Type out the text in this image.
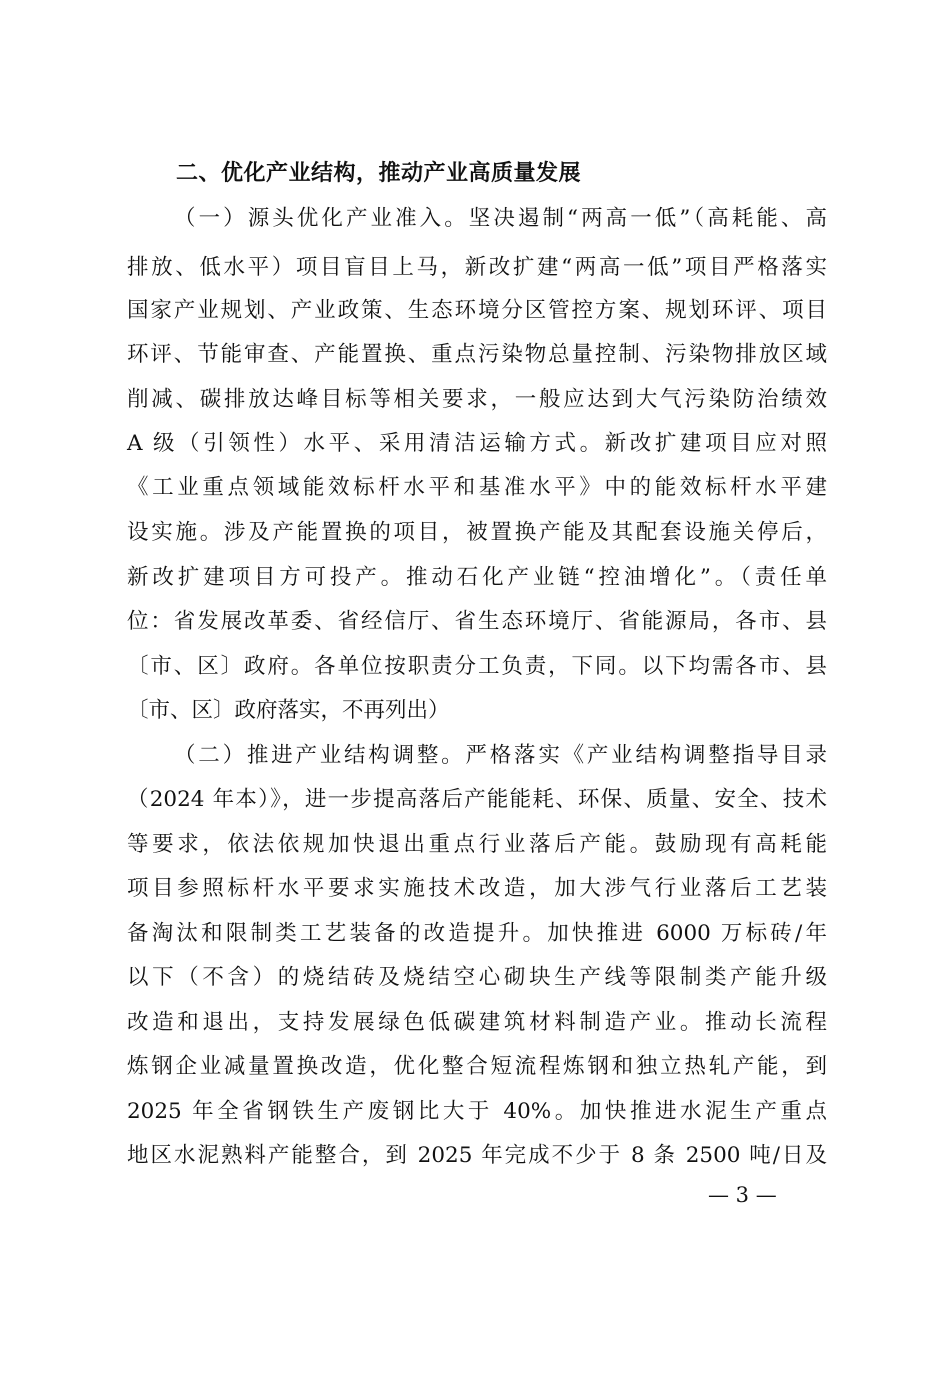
二、优化产业结构，推动产业高质量发展
（一）源头优化产业准入。坚决遏制“两高一低”（高耗能、高
排放、低水平）项目盲目上马，新改扩建“两高一低”项目严格落实
国家产业规划、产业政策、生态环境分区管控方案、规划环评、项目
环评、节能审查、产能置换、重点污染物总量控制、污染物排放区域
削减、碳排放达峰目标等相关要求，一般应达到大气污染防治绩效
A 级（引领性）水平、采用清洁运输方式。新改扩建项目应对照
《工业重点领域能效标杆水平和基准水平》中的能效标杆水平建
设实施。涉及产能置换的项目，被置换产能及其配套设施关停后，
新改扩建项目方可投产。推动石化产业链“控油增化”。（责任单
位：省发展改革委、省经信厅、省生态环境厅、省能源局，各市、县
〔市、区〕政府。各单位按职责分工负责，下同。以下均需各市、县
〔市、区〕政府落实，不再列出）
（二）推进产业结构调整。严格落实《产业结构调整指导目录
（2024 年本）》，进一步提高落后产能能耗、环保、质量、安全、技术
等要求，依法依规加快退出重点行业落后产能。鼓励现有高耗能
项目参照标杆水平要求实施技术改造，加大涉气行业落后工艺装
备淘汰和限制类工艺装备的改造提升。加快推进 6000 万标砖/年
以下（不含）的烧结砖及烧结空心砌块生产线等限制类产能升级
改造和退出，支持发展绿色低碳建筑材料制造产业。推动长流程
炼钢企业减量置换改造，优化整合短流程炼钢和独立热轧产能，到
2025 年全省钢铁生产废钢比大于 40%。加快推进水泥生产重点
地区水泥熟料产能整合，到 2025 年完成不少于 8 条 2500 吨/日及
— 3 —
